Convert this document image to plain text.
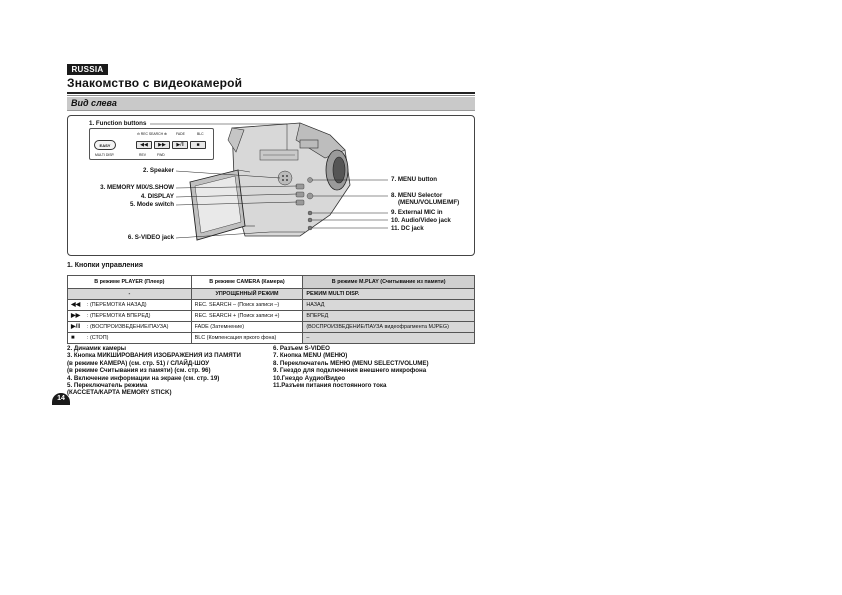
RUSSIA
Знакомство с видеокамерой
Вид слева
⊖ REC SEARCH ⊕	FADE	BLC
EASY	◀◀	▶▶	▶/‖	■
MULTI DISP.	REV	FWD
1. Function buttons
2. Speaker
3. MEMORY MIX/S.SHOW
4. DISPLAY
5. Mode switch
6. S-VIDEO jack
7. MENU button
8. MENU Selector
(MENU/VOLUME/MF)
9. External MIC in
10. Audio/Video jack
11. DC jack
1. Кнопки управления
В режиме PLAYER (Плеер)	В режиме CAMERA (Камера)	В режиме M.PLAY (Считывание из памяти)
-	УПРОЩЕННЫЙ РЕЖИМ	РЕЖИМ MULTI DISP.
◀◀ : (ПЕРЕМОТКА НАЗАД)	REC. SEARCH – (Поиск записи –)	НАЗАД
▶▶ : (ПЕРЕМОТКА ВПЕРЕД)	REC. SEARCH + (Поиск записи +)	ВПЕРЕД
▶/‖ : (ВОСПРОИЗВЕДЕНИЕ/ПАУЗА)	FADE (Затемнение)	(ВОСПРОИЗВЕДЕНИЕ/ПАУЗА видеофрагмента MJPEG)
■ : (СТОП)	BLC (Компенсация яркого фона)	–
2. Динамик камеры
3. Кнопка МИКШИРОВАНИЯ ИЗОБРАЖЕНИЯ ИЗ ПАМЯТИ
(в режиме КАМЕРА) (см. стр. 51) / СЛАЙД-ШОУ
(в режиме Считывания из памяти) (см. стр. 96)
4. Включение информации на экране (см. стр. 19)
5. Переключатель режима
(КАССЕТА/КАРТА MEMORY STICK)
6. Разъем S-VIDEO
7. Кнопка MENU (МЕНЮ)
8. Переключатель МЕНЮ (MENU SELECT/VOLUME)
9. Гнездо для подключения внешнего микрофона
10.Гнездо Аудио/Видео
11.Разъем питания постоянного тока
14
